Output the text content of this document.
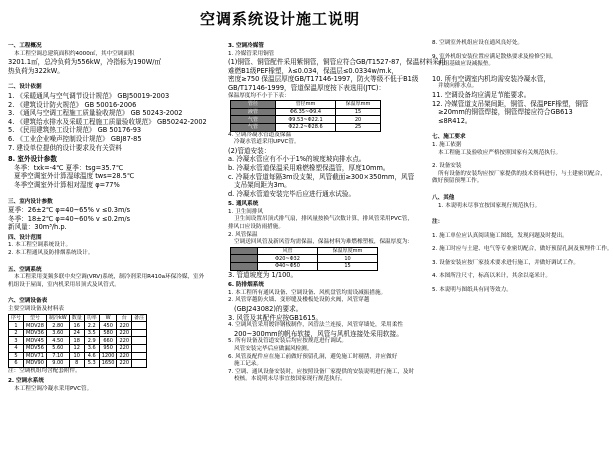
空调系统设计施工说明
一、工程概况
本工程空调总建筑面积约4000㎡，其中空调面积
3201.1㎡，总冷负荷为556kW，冷指标为190W/㎡
热负荷为322kW。
二、设计依据
1. 《采暖通风与空气调节设计规范》 GBJ50019-2003
2. 《建筑设计防火规范》 GB 50016-2006
3. 《通风与空调工程施工质量验收规范》 GB 50243-2002
4. 《建筑给水排水及采暖工程施工质量验收规范》 GB50242-2002
5. 《民用建筑热工设计规范》 GB 50176-93
6. 《工业企业噪声控制设计规范》 GBJ87-85
7. 建设单位提供的设计要求及有关资料
8. 室外设计参数
冬季：txk=-4℃ 夏季：tsg=35.7℃
夏季空调室外计算湿球温度 tws=28.5℃
冬季空调室外计算相对湿度 φ=77%
三、室内设计参数
夏季：26±2℃ φ=40~65% v ≤0.3m/s
冬季：18±2℃ φ=40~60% v ≤0.2m/s
新风量：30m³/h.p.
四、设计范围
1. 本工程空调系统设计。
2. 本工程通风及防排烟系统设计。
五、空调系统
本工程采用变频多联中央空调(VRV)系统，制冷剂采用R410a环保冷媒，室外
机组设于屋面，室内机采用吊顶式及风管式。
六、空调设备表
主要空调设备及材料表
序号	型号	制冷kW	数量	功率	W	台	备注
1	MDV28	2.80	16	2.2	450	220	
2	MDV36	3.60	24	3.5	580	220	
3	MDV45	4.50	18	2.9	660	220	
4	MDV56	5.60	12	3.6	950	220	
5	MDV71	7.10	10	4.6	1200	220	
6	MDV90	9.00	8	5.3	1650	220	
注：空调机组均含配套附件。
2. 空调水系统
本工程空调冷凝水采用PVC管。
3. 空调冷媒管
1. 冷媒管采用铜管
(1)铜管、铜管配件采用紫铜管，铜管应符合GB/T1527-87，保温材料采用
难燃B1级PEF橡塑，λ≤0.034，保温层≤0.0334w/m.k，
密度≥750 保温层厚度GB/T17146-1997，防火等级不低于B1级
GB/T17146-1999，管道保温厚度按下表选用(JTC)：
保温厚度均不小于下表：
管径	管径mm	保温厚mm
液管	Φ6.35~Φ9.4	15
气管	Φ9.53~Φ22.1	20
气管	Φ22.2~Φ28.6	25
4. 空调冷凝水管道及保温
冷凝水管道采用UPVC管。
(2)管道安装：
a. 冷凝水管应有不小于1%的坡度坡向排水点。
b. 冷凝水管道保温采用难燃橡塑保温管，厚度10mm。
c. 冷凝水管道每隔3m设支架，风管截面≥300×350mm，风管
支吊架间距为3m。
d. 冷凝水管道安装完毕后应进行通水试验。
5. 通风系统
1. 卫生间排风
卫生间设置吊顶式排气扇，排风量按换气次数计算，排风管采用PVC管，
排风口应设防雨措施。
2. 风管保温
空调送回风管及新风管均需保温，保温材料为难燃橡塑板，保温厚度为：
	风管	保温厚度mm
	Φ20~Φ32	10
	Φ40~Φ50	15
3. 管道坡度为 1/100。
6. 防排烟系统
1. 本工程所有通风设备、空调设备、风机盘管均需设减振措施。
2. 风管穿越防火墙、变形缝及楼板处设防火阀，风管穿越
(GBJ243082)的要求。
3. 风管及其配件应按GB1615。
4. 空调风管采用镀锌钢板制作，风管法兰连接，风管穿墙处，采用柔性
200~300mm的帆布软接，风管与风机连接处采用软接。
5. 所有设备及管道安装后均应按规范进行调试。
风管安装完毕后应做漏风检测。
6. 风管及配件应在施工前做好预留孔洞，避免施工时剔凿，并应做好
施工记录。
7. 空调、通风设备安装时，应按照设备厂家提供的安装说明进行施工，及时
校核。本说明未尽事宜按国家现行规范执行。
8. 空调室外机组应设在通风良好处。
9. 室外机组安装位置应满足散热要求及检修空间，
机组基础应设减振垫。
10. 所有空调室内机均需安装冷凝水管，
并坡向排水点。
11. 空调设备均应满足节能要求。
12. 冷媒管道支吊架间距，铜管、保温PEF橡塑，铜管
≥20mm的铜管焊接，铜管焊接应符合GB613
≤8R412。
七、施工要求
1. 施工依据
本工程施工及验收应严格按照国家有关规范执行。
2. 设备安装
所有设备的安装均应按厂家提供的技术资料进行，与土建密切配合，
做好预留预埋工作。
八、其他
1. 本说明未尽事宜按国家现行规范执行。
注：
1. 施工单位应认真阅读施工图纸，发现问题及时提出。
2. 施工时应与土建、电气等专业密切配合，做好预留孔洞及预埋件工作。
3. 设备安装应按厂家技术要求进行施工，并做好调试工作。
4. 本图所注尺寸，标高以米计，其余以毫米计。
5. 本说明与图纸具有同等效力。
